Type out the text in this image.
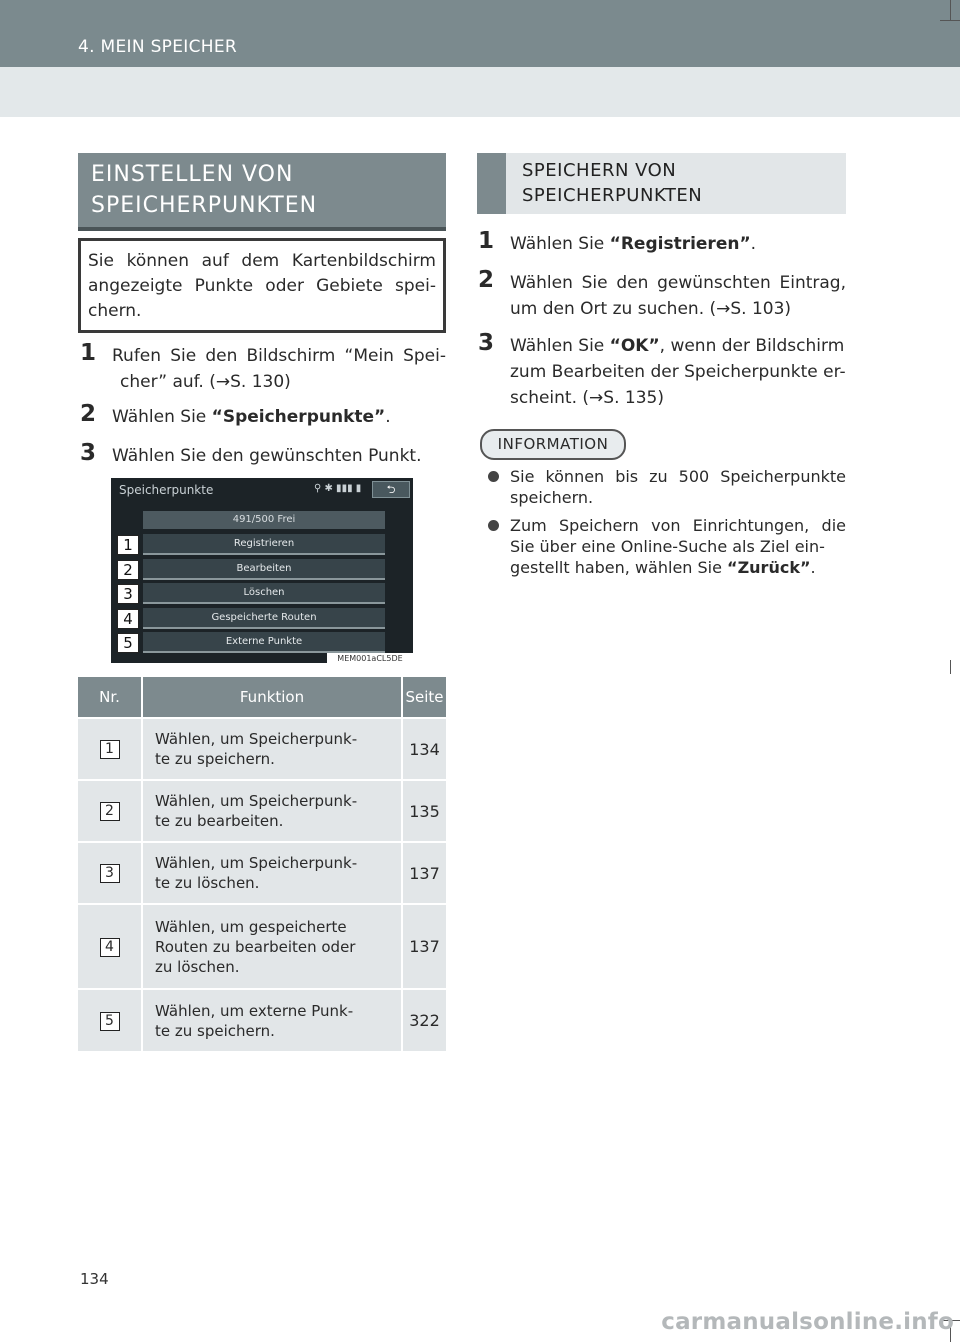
4. MEIN SPEICHER
EINSTELLEN VON
SPEICHERPUNKTEN
Sie können auf dem Kartenbildschirm
angezeigte Punkte oder Gebiete spei-
chern.
1 Rufen Sie den Bildschirm “Mein Spei-
cher” auf. (→S. 130)
2 Wählen Sie “Speicherpunkte”.
3 Wählen Sie den gewünschten Punkt.
Speicherpunkte	⚲ ✱ ▮▮▮ ▮	⮌
491/500 Frei
Registrieren
Bearbeiten
Löschen
Gespeicherte Routen
Externe Punkte
1
2
3
4
5
MEM001aCL5DE
Nr.	Funktion	Seite
1	Wählen, um Speicherpunk-
te zu speichern.	134
2	Wählen, um Speicherpunk-
te zu bearbeiten.	135
3	Wählen, um Speicherpunk-
te zu löschen.	137
4	Wählen, um gespeicherte
Routen zu bearbeiten oder
zu löschen.	137
5	Wählen, um externe Punk-
te zu speichern.	322
SPEICHERN VON
SPEICHERPUNKTEN
1 Wählen Sie “Registrieren”.
2 Wählen Sie den gewünschten Eintrag,
um den Ort zu suchen. (→S. 103)
3 Wählen Sie “OK”, wenn der Bildschirm
zum Bearbeiten der Speicherpunkte er-
scheint. (→S. 135)
INFORMATION
Sie können bis zu 500 Speicherpunkte
speichern.
Zum Speichern von Einrichtungen, die
Sie über eine Online-Suche als Ziel ein-
gestellt haben, wählen Sie “Zurück”.
134
carmanualsonline.info
